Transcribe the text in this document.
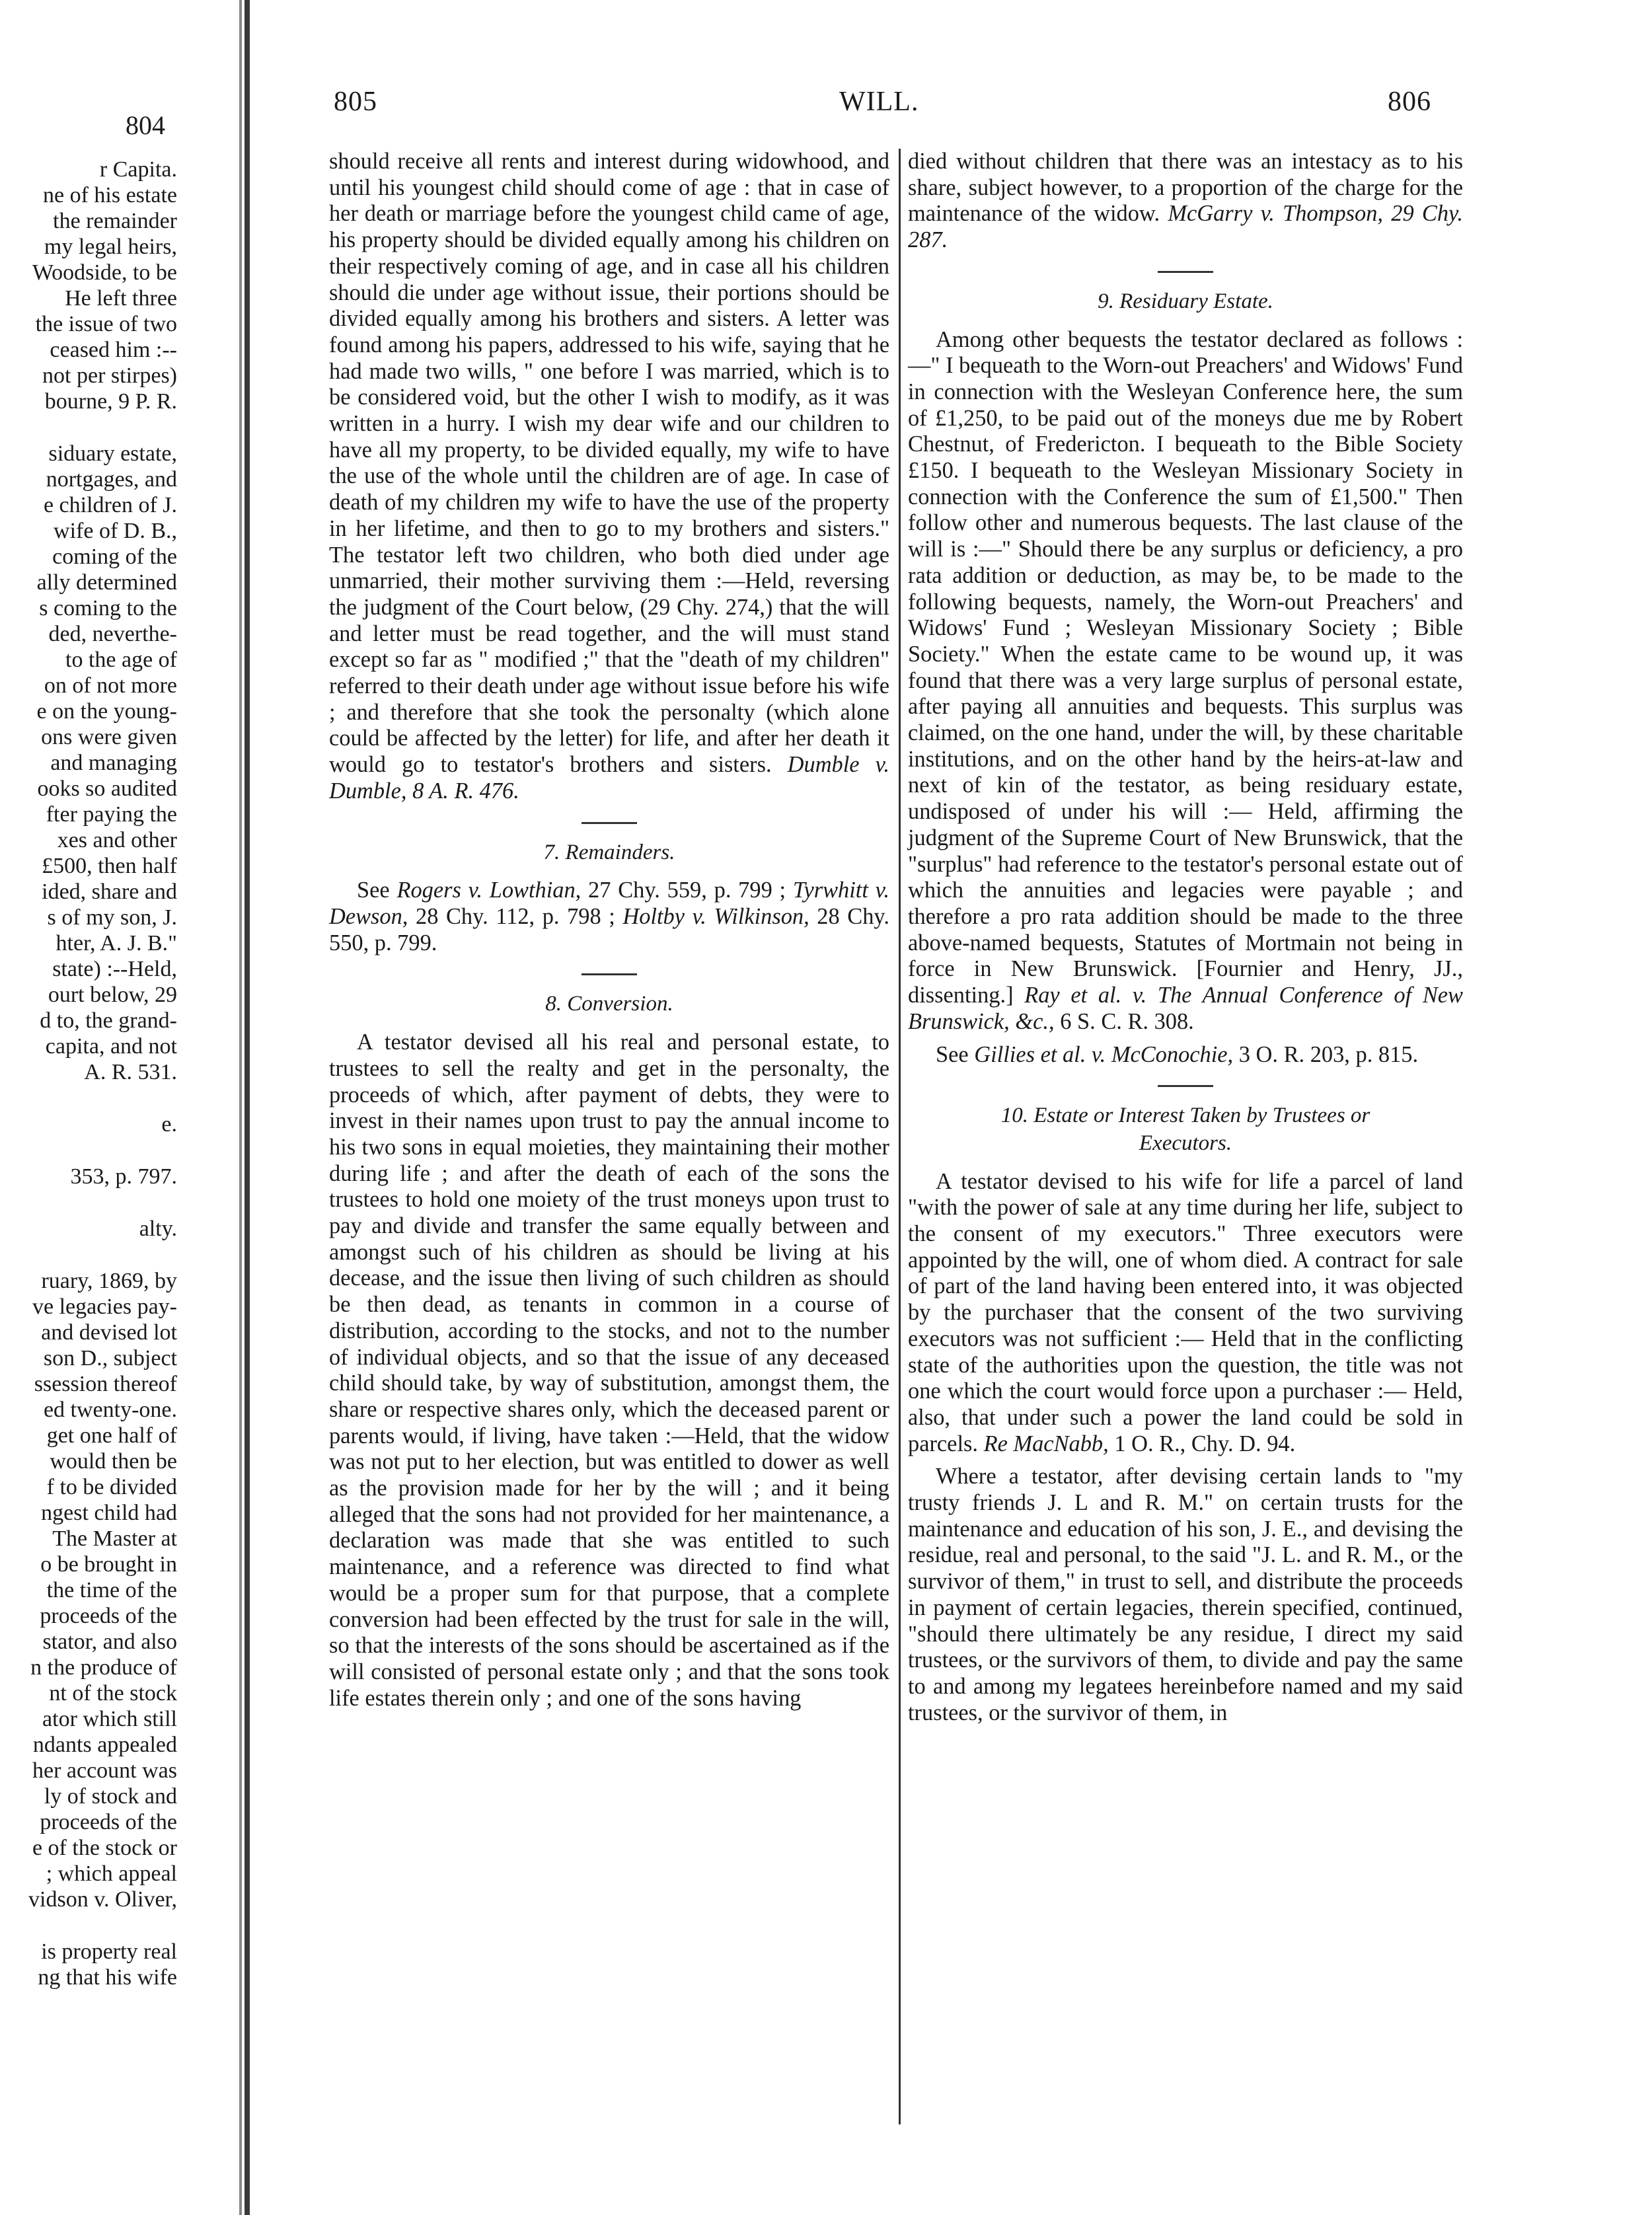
804

r Capita.

ne of his estate

the remainder

my legal heirs,

Woodside, to be

He left three

the issue of two

ceased him :--

not per stirpes)

bourne, 9 P. R.

siduary estate,

nortgages, and

e children of J.

wife of D. B.,

coming of the

ally determined

s coming to the

ded, neverthe-

to the age of

on of not more

e on the young-

ons were given

and managing

ooks so audited

fter paying the

xes and other

£500, then half

ided, share and

s of my son, J.

hter, A. J. B."

state) :--Held,

ourt below, 29

d to, the grand-

capita, and not

A. R. 531.

e.

353, p. 797.

alty.

ruary, 1869, by

ve legacies pay-

and devised lot

son D., subject

ssession thereof

ed twenty-one.

get one half of

would then be

f to be divided

ngest child had

The Master at

o be brought in

the time of the

proceeds of the

stator, and also

n the produce of

nt of the stock

ator which still

ndants appealed

her account was

ly of stock and

proceeds of the

e of the stock or

; which appeal

vidson v. Oliver,

is property real

ng that his wife

805	WILL.	806

should receive all rents and interest during widowhood, and until his youngest child should come of age : that in case of her death or marriage before the youngest child came of age, his property should be divided equally among his children on their respectively coming of age, and in case all his children should die under age without issue, their portions should be divided equally among his brothers and sisters. A letter was found among his papers, addressed to his wife, saying that he had made two wills, " one before I was married, which is to be considered void, but the other I wish to modify, as it was written in a hurry. I wish my dear wife and our children to have all my property, to be divided equally, my wife to have the use of the whole until the children are of age. In case of death of my children my wife to have the use of the property in her lifetime, and then to go to my brothers and sisters." The testator left two children, who both died under age unmarried, their mother surviving them :—Held, reversing the judgment of the Court below, (29 Chy. 274,) that the will and letter must be read together, and the will must stand except so far as " modified ;" that the "death of my children" referred to their death under age without issue before his wife ; and therefore that she took the personalty (which alone could be affected by the letter) for life, and after her death it would go to testator's brothers and sisters. Dumble v. Dumble, 8 A. R. 476.

7. Remainders.

See Rogers v. Lowthian, 27 Chy. 559, p. 799 ; Tyrwhitt v. Dewson, 28 Chy. 112, p. 798 ; Holtby v. Wilkinson, 28 Chy. 550, p. 799.

8. Conversion.

A testator devised all his real and personal estate, to trustees to sell the realty and get in the personalty, the proceeds of which, after payment of debts, they were to invest in their names upon trust to pay the annual income to his two sons in equal moieties, they maintaining their mother during life ; and after the death of each of the sons the trustees to hold one moiety of the trust moneys upon trust to pay and divide and transfer the same equally between and amongst such of his children as should be living at his decease, and the issue then living of such children as should be then dead, as tenants in common in a course of distribution, according to the stocks, and not to the number of individual objects, and so that the issue of any deceased child should take, by way of substitution, amongst them, the share or respective shares only, which the deceased parent or parents would, if living, have taken :—Held, that the widow was not put to her election, but was entitled to dower as well as the provision made for her by the will ; and it being alleged that the sons had not provided for her maintenance, a declaration was made that she was entitled to such maintenance, and a reference was directed to find what would be a proper sum for that purpose, that a complete conversion had been effected by the trust for sale in the will, so that the interests of the sons should be ascertained as if the will consisted of personal estate only ; and that the sons took life estates therein only ; and one of the sons having

died without children that there was an intestacy as to his share, subject however, to a proportion of the charge for the maintenance of the widow. McGarry v. Thompson, 29 Chy. 287.

9. Residuary Estate.

Among other bequests the testator declared as follows :—" I bequeath to the Worn-out Preachers' and Widows' Fund in connection with the Wesleyan Conference here, the sum of £1,250, to be paid out of the moneys due me by Robert Chestnut, of Fredericton. I bequeath to the Bible Society £150. I bequeath to the Wesleyan Missionary Society in connection with the Conference the sum of £1,500." Then follow other and numerous bequests. The last clause of the will is :—" Should there be any surplus or deficiency, a pro rata addition or deduction, as may be, to be made to the following bequests, namely, the Worn-out Preachers' and Widows' Fund ; Wesleyan Missionary Society ; Bible Society." When the estate came to be wound up, it was found that there was a very large surplus of personal estate, after paying all annuities and bequests. This surplus was claimed, on the one hand, under the will, by these charitable institutions, and on the other hand by the heirs-at-law and next of kin of the testator, as being residuary estate, undisposed of under his will :— Held, affirming the judgment of the Supreme Court of New Brunswick, that the "surplus" had reference to the testator's personal estate out of which the annuities and legacies were payable ; and therefore a pro rata addition should be made to the three above-named bequests, Statutes of Mortmain not being in force in New Brunswick. [Fournier and Henry, JJ., dissenting.] Ray et al. v. The Annual Conference of New Brunswick, &c., 6 S. C. R. 308.

See Gillies et al. v. McConochie, 3 O. R. 203, p. 815.

10. Estate or Interest Taken by Trustees or
Executors.

A testator devised to his wife for life a parcel of land "with the power of sale at any time during her life, subject to the consent of my executors." Three executors were appointed by the will, one of whom died. A contract for sale of part of the land having been entered into, it was objected by the purchaser that the consent of the two surviving executors was not sufficient :— Held that in the conflicting state of the authorities upon the question, the title was not one which the court would force upon a purchaser :— Held, also, that under such a power the land could be sold in parcels. Re MacNabb, 1 O. R., Chy. D. 94.

Where a testator, after devising certain lands to "my trusty friends J. L and R. M." on certain trusts for the maintenance and education of his son, J. E., and devising the residue, real and personal, to the said "J. L. and R. M., or the survivor of them," in trust to sell, and distribute the proceeds in payment of certain legacies, therein specified, continued, "should there ultimately be any residue, I direct my said trustees, or the survivors of them, to divide and pay the same to and among my legatees hereinbefore named and my said trustees, or the survivor of them, in
